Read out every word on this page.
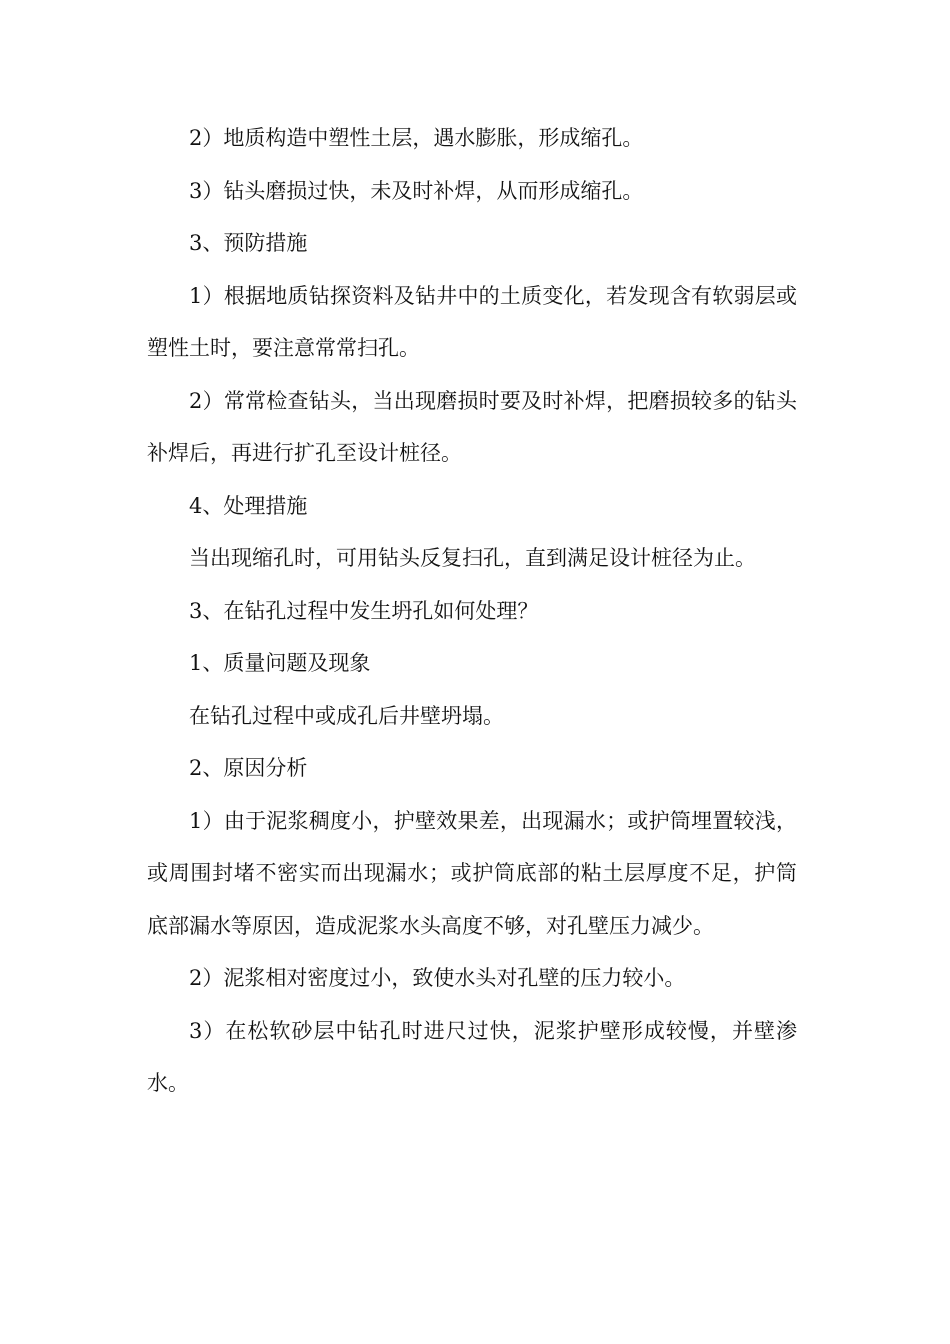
2）地质构造中塑性土层，遇水膨胀，形成缩孔。

3）钻头磨损过快，未及时补焊，从而形成缩孔。

3、预防措施

1）根据地质钻探资料及钻井中的土质变化，若发现含有软弱层或塑性土时，要注意常常扫孔。

2）常常检查钻头，当出现磨损时要及时补焊，把磨损较多的钻头补焊后，再进行扩孔至设计桩径。

4、处理措施

当出现缩孔时，可用钻头反复扫孔，直到满足设计桩径为止。

3、在钻孔过程中发生坍孔如何处理？

1、质量问题及现象

在钻孔过程中或成孔后井壁坍塌。

2、原因分析

1）由于泥浆稠度小，护壁效果差，出现漏水；或护筒埋置较浅，或周围封堵不密实而出现漏水；或护筒底部的粘土层厚度不足，护筒底部漏水等原因，造成泥浆水头高度不够，对孔壁压力减少。

2）泥浆相对密度过小，致使水头对孔壁的压力较小。

3）在松软砂层中钻孔时进尺过快，泥浆护壁形成较慢，并壁渗水。
